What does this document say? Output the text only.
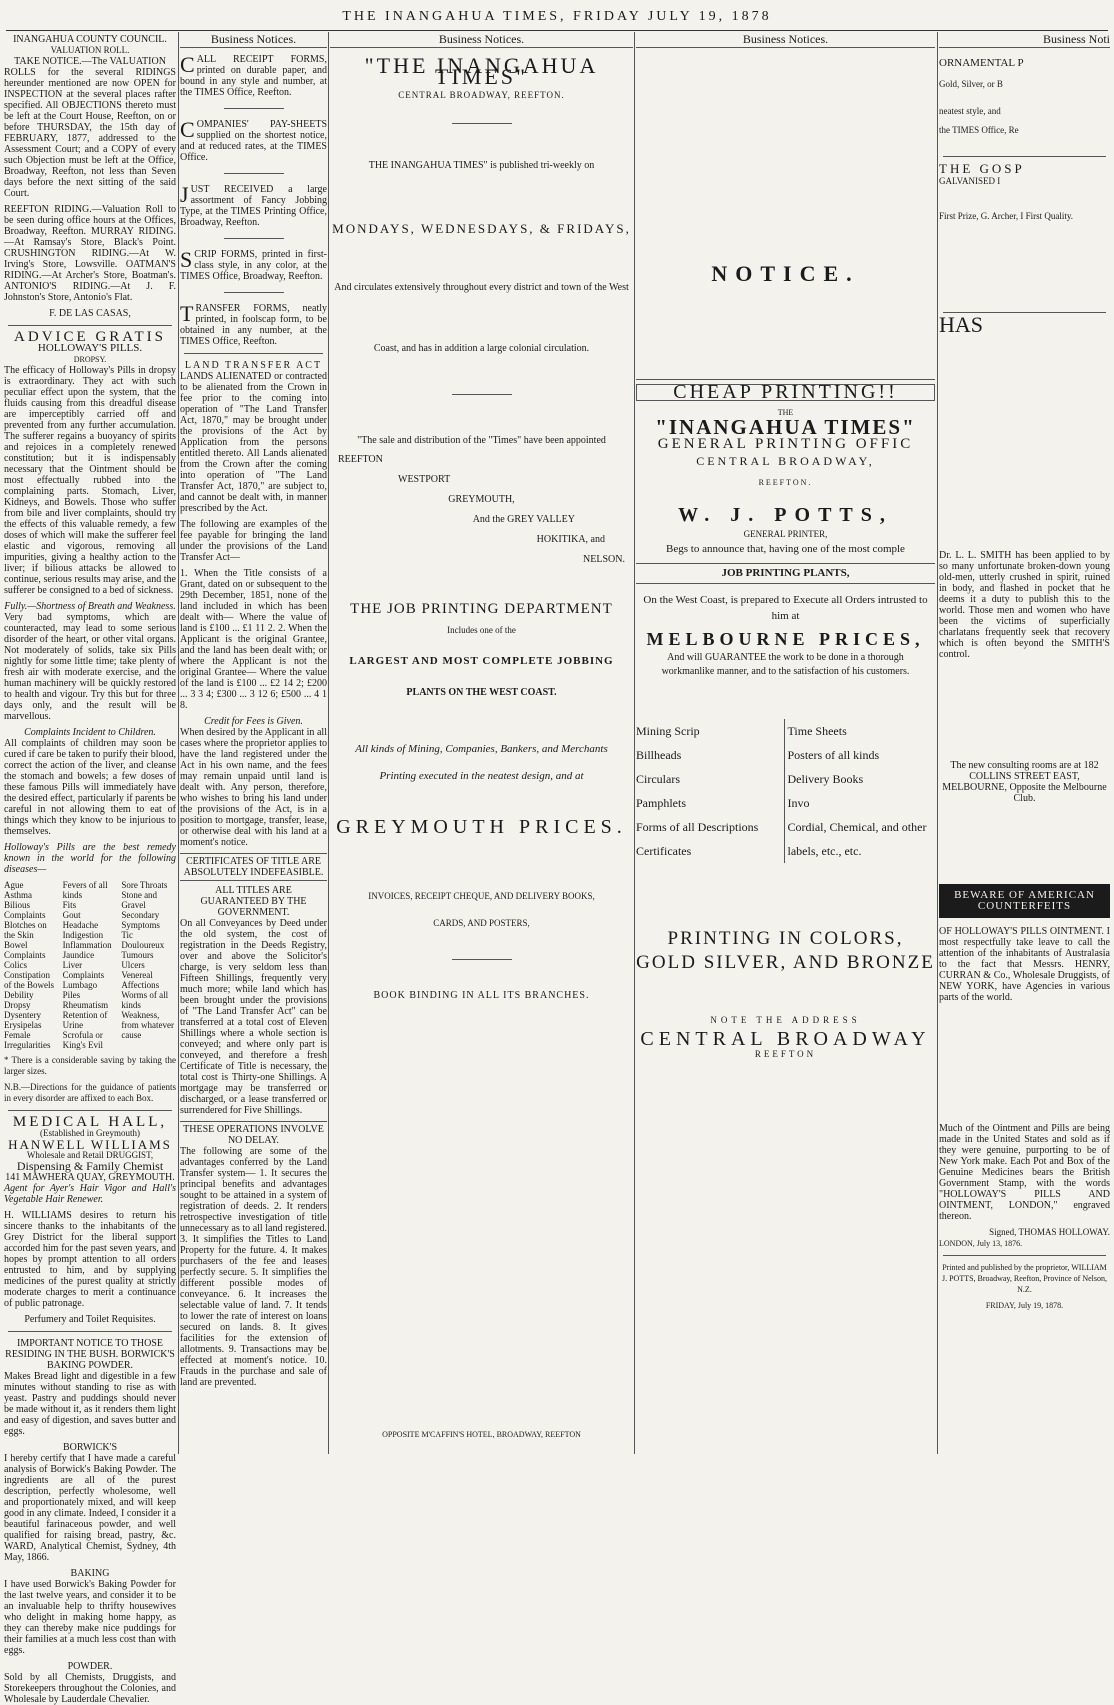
THE INANGAHUA TIMES, FRIDAY JULY 19, 1878
INANGAHUA COUNTY COUNCIL.
VALUATION ROLL.
TAKE NOTICE.—The VALUATION

ROLLS for the several RIDINGS hereunder mentioned are now OPEN for INSPECTION at the several places rafter specified. All OBJECTIONS thereto must be left at the Court House, Reefton, on or before THURSDAY, the 15th day of FEBRUARY, 1877, addressed to the Assessment Court; and a COPY of every such Objection must be left at the Office, Broadway, Reefton, not less than Seven days before the next sitting of the said Court.

REEFTON RIDING.—Valuation Roll to be seen during office hours at the Offices, Broadway, Reefton. MURRAY RIDING.—At Ramsay's Store, Black's Point. CRUSHINGTON RIDING.—At W. Irving's Store, Lowsville. OATMAN'S RIDING.—At Archer's Store, Boatman's. ANTONIO'S RIDING.—At J. F. Johnston's Store, Antonio's Flat.

F. DE LAS CASAS,
ADVICE GRATIS
HOLLOWAY'S PILLS.
DROPSY.

The efficacy of Holloway's Pills in dropsy is extraordinary. They act with such peculiar effect upon the system, that the fluids causing from this dreadful disease are imperceptibly carried off and prevented from any further accumulation. The sufferer regains a buoyancy of spirits and rejoices in a completely renewed constitution; but it is indispensably necessary that the Ointment should be most effectually rubbed into the complaining parts. Stomach, Liver, Kidneys, and Bowels. Those who suffer from bile and liver complaints, should try the effects of this valuable remedy, a few doses of which will make the sufferer feel elastic and vigorous, removing all impurities, giving a healthy action to the liver; if bilious attacks be allowed to continue, serious results may arise, and the sufferer be consigned to a bed of sickness.

Fully.—Shortness of Breath and Weakness.

Very bad symptoms, which are counteracted, may lead to some serious disorder of the heart, or other vital organs. Not moderately of solids, take six Pills nightly for some little time; take plenty of fresh air with moderate exercise, and the human machinery will be quickly restored to health and vigour. Try this but for three days only, and the result will be marvellous.

Complaints Incident to Children.

All complaints of children may soon be cured if care be taken to purify their blood, correct the action of the liver, and cleanse the stomach and bowels; a few doses of these famous Pills will immediately have the desired effect, particularly if parents be careful in not allowing them to eat of things which they know to be injurious to themselves.

Holloway's Pills are the best remedy known in the world for the following diseases—

Ague
Asthma
Bilious Complaints
Blotches on the Skin
Bowel Complaints
Colics
Constipation of the Bowels
Debility
Dropsy
Dysentery
Erysipelas
Female Irregularities
Fevers of all kinds
Fits
Gout
Headache
Indigestion
Inflammation
Jaundice
Liver Complaints
Lumbago
Piles
Rheumatism
Retention of Urine
Scrofula or King's Evil
Sore Throats
Stone and Gravel
Secondary Symptoms
Tic Douloureux
Tumours
Ulcers
Venereal Affections
Worms of all kinds
Weakness, from whatever cause

* There is a considerable saving by taking the larger sizes.

N.B.—Directions for the guidance of patients in every disorder are affixed to each Box.

MEDICAL HALL,
(Established in Greymouth)
HANWELL WILLIAMS
Wholesale and Retail DRUGGIST,
Dispensing & Family Chemist
141 MAWHERA QUAY, GREYMOUTH.

Agent for Ayer's Hair Vigor and Hall's Vegetable Hair Renewer.

H. WILLIAMS desires to return his sincere thanks to the inhabitants of the Grey District for the liberal support accorded him for the past seven years, and hopes by prompt attention to all orders entrusted to him, and by supplying medicines of the purest quality at strictly moderate charges to merit a continuance of public patronage.

Perfumery and Toilet Requisites.
IMPORTANT NOTICE TO THOSE RESIDING IN THE BUSH. BORWICK'S BAKING POWDER.

Makes Bread light and digestible in a few minutes without standing to rise as with yeast. Pastry and puddings should never be made without it, as it renders them light and easy of digestion, and saves butter and eggs.

BORWICK'S

I hereby certify that I have made a careful analysis of Borwick's Baking Powder. The ingredients are all of the purest description, perfectly wholesome, well and proportionately mixed, and will keep good in any climate. Indeed, I consider it a beautiful farinaceous powder, and well qualified for raising bread, pastry, &c. WARD, Analytical Chemist, Sydney, 4th May, 1866.

BAKING

I have used Borwick's Baking Powder for the last twelve years, and consider it to be an invaluable help to thrifty housewives who delight in making home happy, as they can thereby make nice puddings for their families at a much less cost than with eggs.

POWDER.

Sold by all Chemists, Druggists, and Storekeepers throughout the Colonies, and Wholesale by Lauderdale Chevalier.

Business Notices.

CALL RECEIPT FORMS, printed on durable paper, and bound in any style and number, at the TIMES Office, Reefton.

COMPANIES' PAY-SHEETS supplied on the shortest notice, and at reduced rates, at the TIMES Office.

JUST RECEIVED a large assortment of Fancy Jobbing Type, at the TIMES Printing Office, Broadway, Reefton.

SCRIP FORMS, printed in first-class style, in any color, at the TIMES Office, Broadway, Reefton.

TRANSFER FORMS, neatly printed, in foolscap form, to be obtained in any number, at the TIMES Office, Reefton.

LAND TRANSFER ACT

LANDS ALIENATED or contracted to be alienated from the Crown in fee prior to the coming into operation of "The Land Transfer Act, 1870," may be brought under the provisions of the Act by Application from the persons entitled thereto. All Lands alienated from the Crown after the coming into operation of "The Land Transfer Act, 1870," are subject to, and cannot be dealt with, in manner prescribed by the Act.

The following are examples of the fee payable for bringing the land under the provisions of the Land Transfer Act—

1. When the Title consists of a Grant, dated on or subsequent to the 29th December, 1851, none of the land included in which has been dealt with— Where the value of land is £100 ... £1 11 2. 2. When the Applicant is the original Grantee, and the land has been dealt with; or where the Applicant is not the original Grantee— Where the value of the land is £100 ... £2 14 2; £200 ... 3 3 4; £300 ... 3 12 6; £500 ... 4 1 8.

Credit for Fees is Given.

When desired by the Applicant in all cases where the proprietor applies to have the land registered under the Act in his own name, and the fees may remain unpaid until land is dealt with. Any person, therefore, who wishes to bring his land under the provisions of the Act, is in a position to mortgage, transfer, lease, or otherwise deal with his land at a moment's notice.

CERTIFICATES OF TITLE ARE ABSOLUTELY INDEFEASIBLE.
ALL TITLES ARE GUARANTEED BY THE GOVERNMENT.

On all Conveyances by Deed under the old system, the cost of registration in the Deeds Registry, over and above the Solicitor's charge, is very seldom less than Fifteen Shillings, frequently very much more; while land which has been brought under the provisions of "The Land Transfer Act" can be transferred at a total cost of Eleven Shillings where a whole section is conveyed; and where only part is conveyed, and therefore a fresh Certificate of Title is necessary, the total cost is Thirty-one Shillings. A mortgage may be transferred or discharged, or a lease transferred or surrendered for Five Shillings.

THESE OPERATIONS INVOLVE NO DELAY.

The following are some of the advantages conferred by the Land Transfer system— 1. It secures the principal benefits and advantages sought to be attained in a system of registration of deeds. 2. It renders retrospective investigation of title unnecessary as to all land registered. 3. It simplifies the Titles to Land Property for the future. 4. It makes purchasers of the fee and leases perfectly secure. 5. It simplifies the different possible modes of conveyance. 6. It increases the selectable value of land. 7. It tends to lower the rate of interest on loans secured on lands. 8. It gives facilities for the extension of allotments. 9. Transactions may be effected at moment's notice. 10. Frauds in the purchase and sale of land are prevented.

Business Notices.
"THE INANGAHUA TIMES"
CENTRAL BROADWAY, REEFTON.
THE INANGAHUA TIMES" is published tri-weekly on
MONDAYS, WEDNESDAYS, & FRIDAYS,
And circulates extensively throughout every district and town of the West
Coast, and has in addition a large colonial circulation.
"The sale and distribution of the "Times" have been appointed
REEFTON
WESTPORT
GREYMOUTH,
And the GREY VALLEY
HOKITIKA, and
NELSON.
THE JOB PRINTING DEPARTMENT
Includes one of the
LARGEST AND MOST COMPLETE JOBBING
PLANTS ON THE WEST COAST.
All kinds of Mining, Companies, Bankers, and Merchants
Printing executed in the neatest design, and at
GREYMOUTH PRICES.
INVOICES, RECEIPT CHEQUE, AND DELIVERY BOOKS,
CARDS, AND POSTERS,
BOOK BINDING IN ALL ITS BRANCHES.
OPPOSITE M'CAFFIN'S HOTEL, BROADWAY, REEFTON
Business Notices.
NOTICE.
CHEAP PRINTING!!
THE
"INANGAHUA TIMES"
GENERAL PRINTING OFFIC
CENTRAL BROADWAY,
REEFTON.
W. J. POTTS,
GENERAL PRINTER,
Begs to announce that, having one of the most comple
JOB PRINTING PLANTS,
On the West Coast, is prepared to Execute all Orders intrusted to him at
MELBOURNE PRICES,
And will GUARANTEE the work to be done in a thorough workmanlike manner, and to the satisfaction of his customers.
Mining Scrip
Billheads
Circulars
Pamphlets
Forms of all Descriptions
Certificates
Time Sheets
Posters of all kinds
Delivery Books
Invo
Cordial, Chemical, and other labels, etc., etc.
PRINTING IN COLORS, GOLD SILVER, AND BRONZE
NOTE THE ADDRESS
CENTRAL BROADWAY
REEFTON
Business Noti
ORNAMENTAL P
Gold, Silver, or B
neatest style, and
the TIMES Office, Re
THE GOSP
GALVANISED I
First Prize, G. Archer, I First Quality.
HAS

Dr. L. L. SMITH has been applied to by so many unfortunate broken-down young old-men, utterly crushed in spirit, ruined in body, and flashed in pocket that he deems it a duty to publish this to the world. Those men and women who have been the victims of superficially charlatans frequently seek that recovery which is often beyond the SMITH'S control.

The new consulting rooms are at 182 COLLINS STREET EAST, MELBOURNE, Opposite the Melbourne Club.

BEWARE OF AMERICAN COUNTERFEITS

OF HOLLOWAY'S PILLS OINTMENT. I most respectfully take leave to call the attention of the inhabitants of Australasia to the fact that Messrs. HENRY, CURRAN & Co., Wholesale Druggists, of NEW YORK, have Agencies in various parts of the world.

Much of the Ointment and Pills are being made in the United States and sold as if they were genuine, purporting to be of New York make. Each Pot and Box of the Genuine Medicines bears the British Government Stamp, with the words "HOLLOWAY'S PILLS AND OINTMENT, LONDON," engraved thereon.

Signed, THOMAS HOLLOWAY.
LONDON, July 13, 1876.

Printed and published by the proprietor, WILLIAM J. POTTS, Broadway, Reefton, Province of Nelson, N.Z.

FRIDAY, July 19, 1878.
